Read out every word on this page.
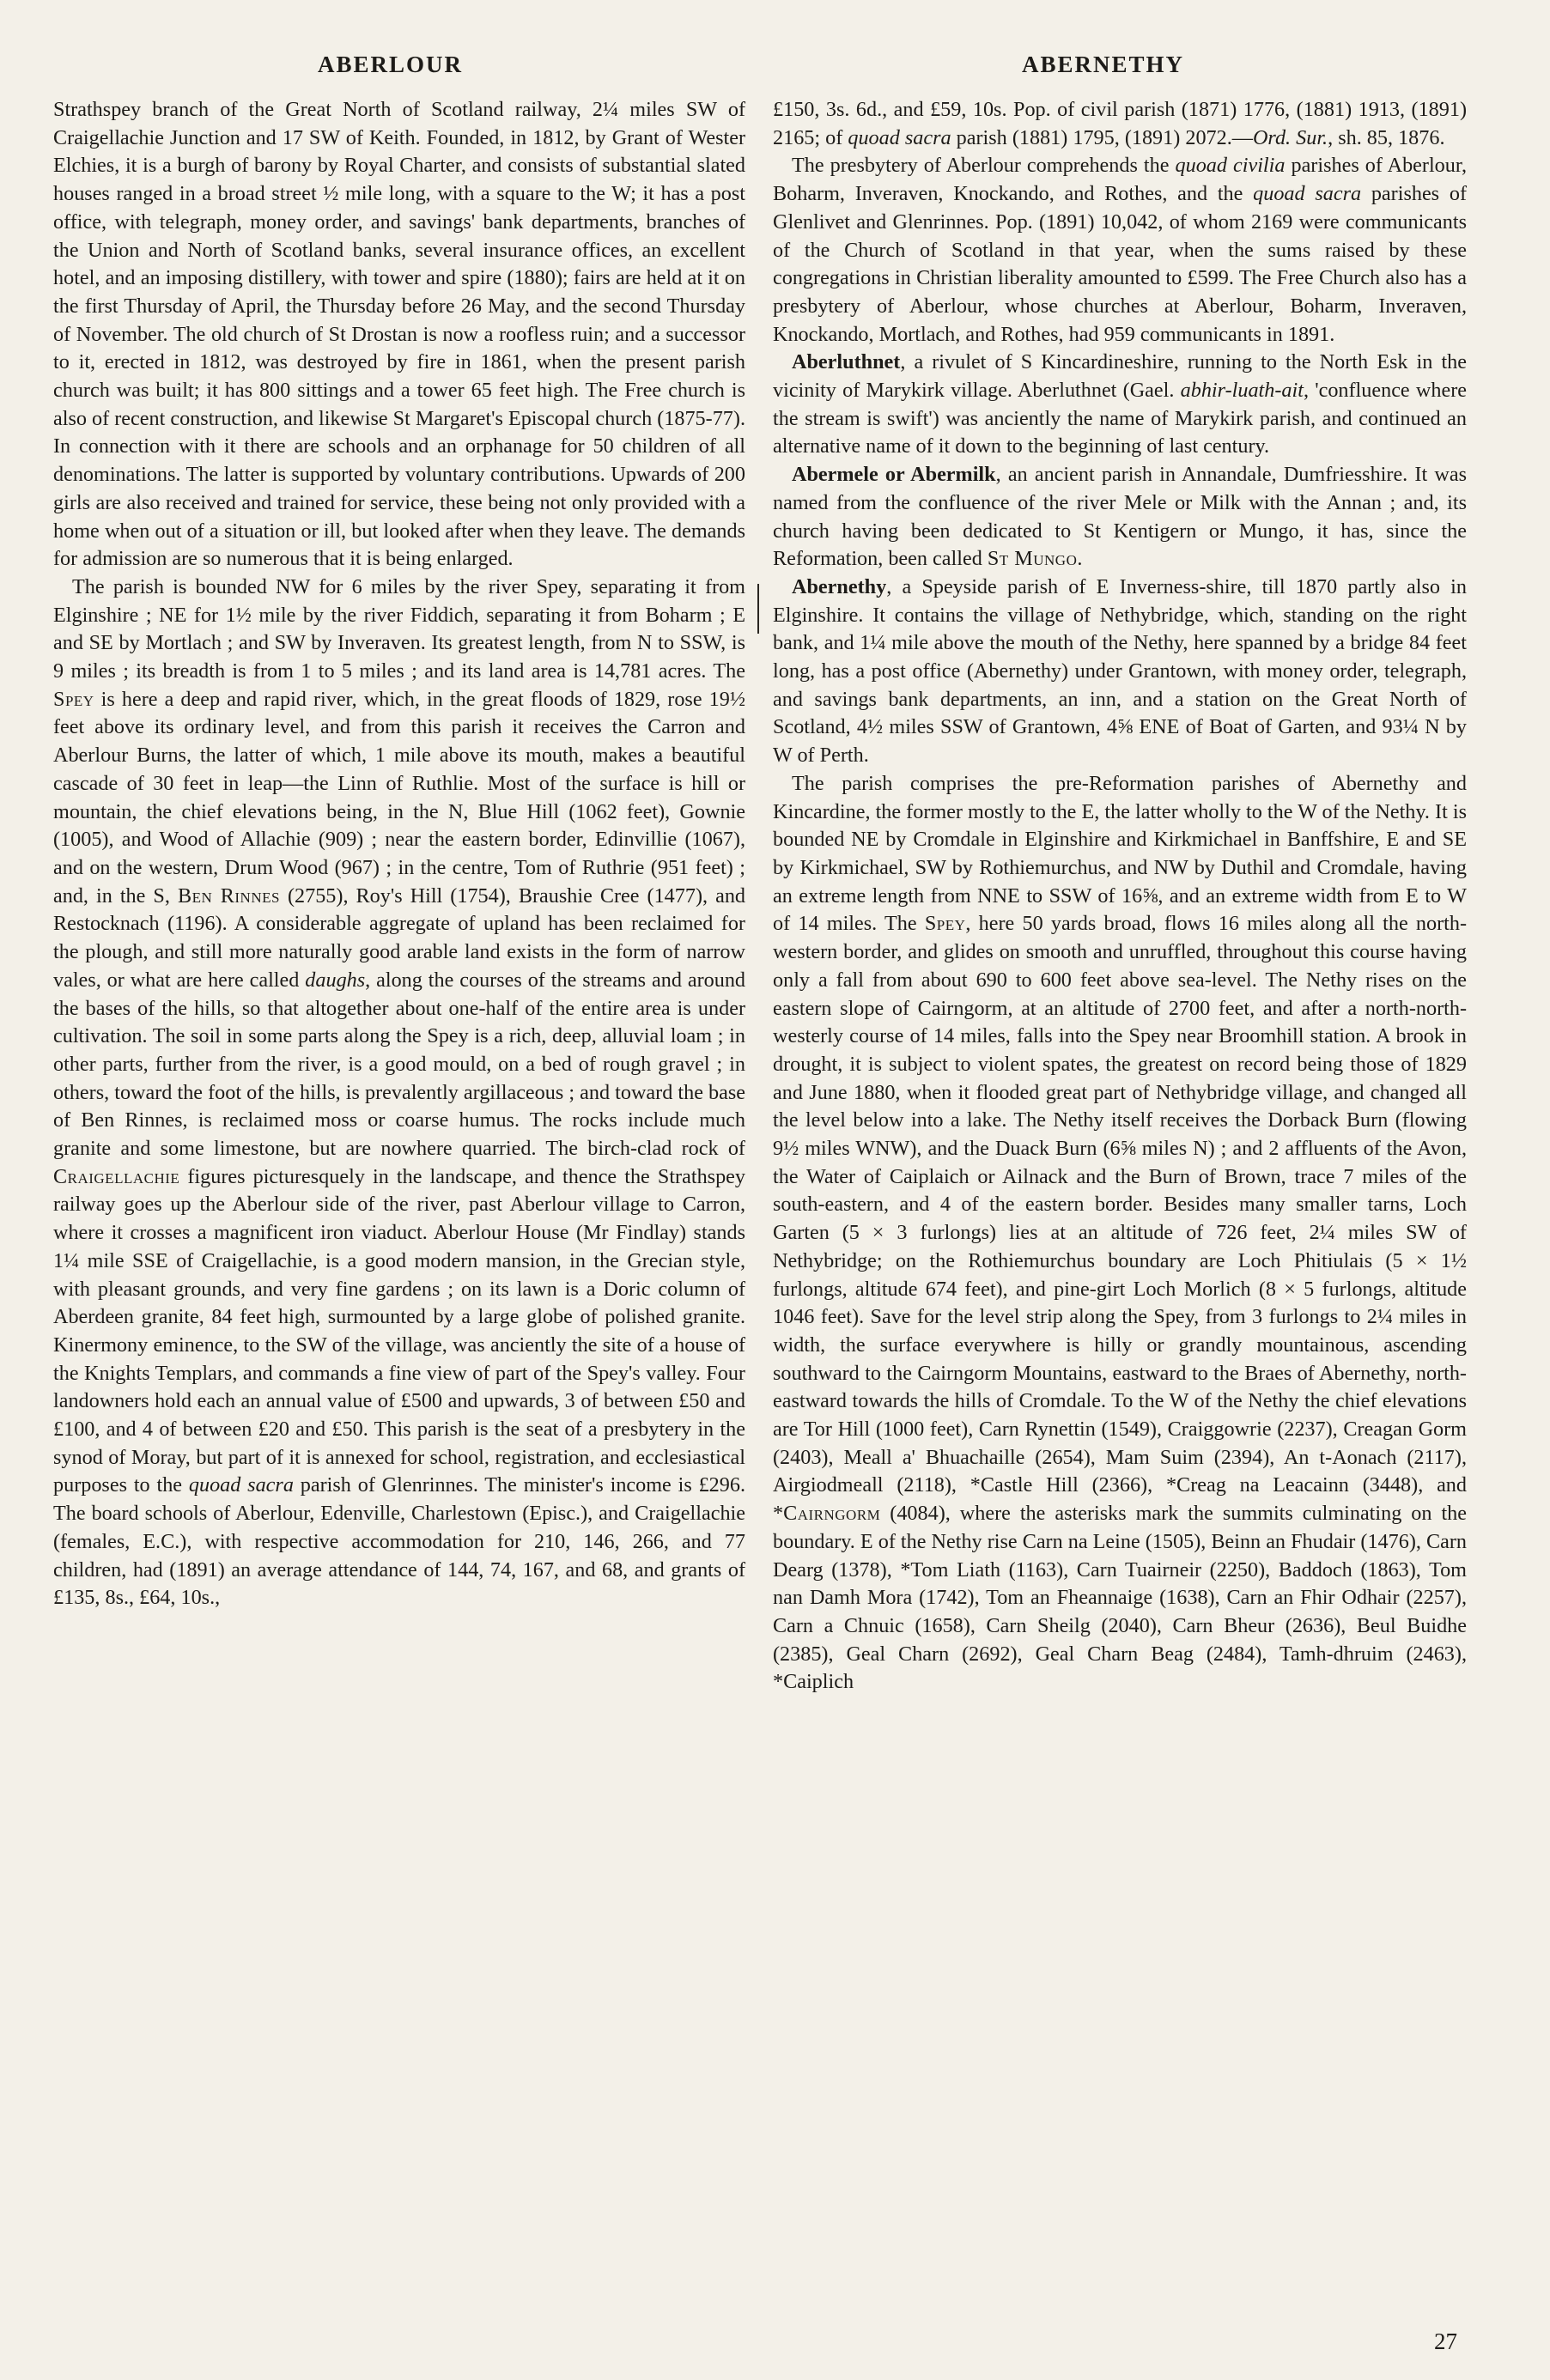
ABERLOUR	ABERNETHY

Strathspey branch of the Great North of Scotland railway, 2¼ miles SW of Craigellachie Junction and 17 SW of Keith. Founded, in 1812, by Grant of Wester Elchies, it is a burgh of barony by Royal Charter, and consists of substantial slated houses ranged in a broad street ½ mile long, with a square to the W; it has a post office, with telegraph, money order, and savings' bank departments, branches of the Union and North of Scotland banks, several insurance offices, an excellent hotel, and an imposing distillery, with tower and spire (1880); fairs are held at it on the first Thursday of April, the Thursday before 26 May, and the second Thursday of November. The old church of St Drostan is now a roofless ruin; and a successor to it, erected in 1812, was destroyed by fire in 1861, when the present parish church was built; it has 800 sittings and a tower 65 feet high. The Free church is also of recent construction, and likewise St Margaret's Episcopal church (1875-77). In connection with it there are schools and an orphanage for 50 children of all denominations. The latter is supported by voluntary contributions. Upwards of 200 girls are also received and trained for service, these being not only provided with a home when out of a situation or ill, but looked after when they leave. The demands for admission are so numerous that it is being enlarged.

The parish is bounded NW for 6 miles by the river Spey, separating it from Elginshire ; NE for 1½ mile by the river Fiddich, separating it from Boharm ; E and SE by Mortlach ; and SW by Inveraven. Its greatest length, from N to SSW, is 9 miles ; its breadth is from 1 to 5 miles ; and its land area is 14,781 acres. The Spey is here a deep and rapid river, which, in the great floods of 1829, rose 19½ feet above its ordinary level, and from this parish it receives the Carron and Aberlour Burns, the latter of which, 1 mile above its mouth, makes a beautiful cascade of 30 feet in leap—the Linn of Ruthlie. Most of the surface is hill or mountain, the chief elevations being, in the N, Blue Hill (1062 feet), Gownie (1005), and Wood of Allachie (909) ; near the eastern border, Edinvillie (1067), and on the western, Drum Wood (967) ; in the centre, Tom of Ruthrie (951 feet) ; and, in the S, Ben Rinnes (2755), Roy's Hill (1754), Braushie Cree (1477), and Restocknach (1196). A considerable aggregate of upland has been reclaimed for the plough, and still more naturally good arable land exists in the form of narrow vales, or what are here called daughs, along the courses of the streams and around the bases of the hills, so that altogether about one-half of the entire area is under cultivation. The soil in some parts along the Spey is a rich, deep, alluvial loam ; in other parts, further from the river, is a good mould, on a bed of rough gravel ; in others, toward the foot of the hills, is prevalently argillaceous ; and toward the base of Ben Rinnes, is reclaimed moss or coarse humus. The rocks include much granite and some limestone, but are nowhere quarried. The birch-clad rock of Craigellachie figures picturesquely in the landscape, and thence the Strathspey railway goes up the Aberlour side of the river, past Aberlour village to Carron, where it crosses a magnificent iron viaduct. Aberlour House (Mr Findlay) stands 1¼ mile SSE of Craigellachie, is a good modern mansion, in the Grecian style, with pleasant grounds, and very fine gardens ; on its lawn is a Doric column of Aberdeen granite, 84 feet high, surmounted by a large globe of polished granite. Kinermony eminence, to the SW of the village, was anciently the site of a house of the Knights Templars, and commands a fine view of part of the Spey's valley. Four landowners hold each an annual value of £500 and upwards, 3 of between £50 and £100, and 4 of between £20 and £50. This parish is the seat of a presbytery in the synod of Moray, but part of it is annexed for school, registration, and ecclesiastical purposes to the quoad sacra parish of Glenrinnes. The minister's income is £296. The board schools of Aberlour, Edenville, Charlestown (Episc.), and Craigellachie (females, E.C.), with respective accommodation for 210, 146, 266, and 77 children, had (1891) an average attendance of 144, 74, 167, and 68, and grants of £135, 8s., £64, 10s.,

£150, 3s. 6d., and £59, 10s. Pop. of civil parish (1871) 1776, (1881) 1913, (1891) 2165; of quoad sacra parish (1881) 1795, (1891) 2072.—Ord. Sur., sh. 85, 1876.

The presbytery of Aberlour comprehends the quoad civilia parishes of Aberlour, Boharm, Inveraven, Knockando, and Rothes, and the quoad sacra parishes of Glenlivet and Glenrinnes. Pop. (1891) 10,042, of whom 2169 were communicants of the Church of Scotland in that year, when the sums raised by these congregations in Christian liberality amounted to £599. The Free Church also has a presbytery of Aberlour, whose churches at Aberlour, Boharm, Inveraven, Knockando, Mortlach, and Rothes, had 959 communicants in 1891.

Aberluthnet, a rivulet of S Kincardineshire, running to the North Esk in the vicinity of Marykirk village. Aberluthnet (Gael. abhir-luath-ait, 'confluence where the stream is swift') was anciently the name of Marykirk parish, and continued an alternative name of it down to the beginning of last century.

Abermele or Abermilk, an ancient parish in Annandale, Dumfriesshire. It was named from the confluence of the river Mele or Milk with the Annan ; and, its church having been dedicated to St Kentigern or Mungo, it has, since the Reformation, been called St Mungo.

Abernethy, a Speyside parish of E Inverness-shire, till 1870 partly also in Elginshire. It contains the village of Nethybridge, which, standing on the right bank, and 1¼ mile above the mouth of the Nethy, here spanned by a bridge 84 feet long, has a post office (Abernethy) under Grantown, with money order, telegraph, and savings bank departments, an inn, and a station on the Great North of Scotland, 4½ miles SSW of Grantown, 4⅝ ENE of Boat of Garten, and 93¼ N by W of Perth.

The parish comprises the pre-Reformation parishes of Abernethy and Kincardine, the former mostly to the E, the latter wholly to the W of the Nethy. It is bounded NE by Cromdale in Elginshire and Kirkmichael in Banffshire, E and SE by Kirkmichael, SW by Rothiemurchus, and NW by Duthil and Cromdale, having an extreme length from NNE to SSW of 16⅝, and an extreme width from E to W of 14 miles. The Spey, here 50 yards broad, flows 16 miles along all the north-western border, and glides on smooth and unruffled, throughout this course having only a fall from about 690 to 600 feet above sea-level. The Nethy rises on the eastern slope of Cairngorm, at an altitude of 2700 feet, and after a north-north-westerly course of 14 miles, falls into the Spey near Broomhill station. A brook in drought, it is subject to violent spates, the greatest on record being those of 1829 and June 1880, when it flooded great part of Nethybridge village, and changed all the level below into a lake. The Nethy itself receives the Dorback Burn (flowing 9½ miles WNW), and the Duack Burn (6⅝ miles N) ; and 2 affluents of the Avon, the Water of Caiplaich or Ailnack and the Burn of Brown, trace 7 miles of the south-eastern, and 4 of the eastern border. Besides many smaller tarns, Loch Garten (5 × 3 furlongs) lies at an altitude of 726 feet, 2¼ miles SW of Nethybridge; on the Rothiemurchus boundary are Loch Phitiulais (5 × 1½ furlongs, altitude 674 feet), and pine-girt Loch Morlich (8 × 5 furlongs, altitude 1046 feet). Save for the level strip along the Spey, from 3 furlongs to 2¼ miles in width, the surface everywhere is hilly or grandly mountainous, ascending southward to the Cairngorm Mountains, eastward to the Braes of Abernethy, north-eastward towards the hills of Cromdale. To the W of the Nethy the chief elevations are Tor Hill (1000 feet), Carn Rynettin (1549), Craiggowrie (2237), Creagan Gorm (2403), Meall a' Bhuachaille (2654), Mam Suim (2394), An t-Aonach (2117), Airgiodmeall (2118), *Castle Hill (2366), *Creag na Leacainn (3448), and *Cairngorm (4084), where the asterisks mark the summits culminating on the boundary. E of the Nethy rise Carn na Leine (1505), Beinn an Fhudair (1476), Carn Dearg (1378), *Tom Liath (1163), Carn Tuairneir (2250), Baddoch (1863), Tom nan Damh Mora (1742), Tom an Fheannaige (1638), Carn an Fhir Odhair (2257), Carn a Chnuic (1658), Carn Sheilg (2040), Carn Bheur (2636), Beul Buidhe (2385), Geal Charn (2692), Geal Charn Beag (2484), Tamh-dhruim (2463), *Caiplich

27
